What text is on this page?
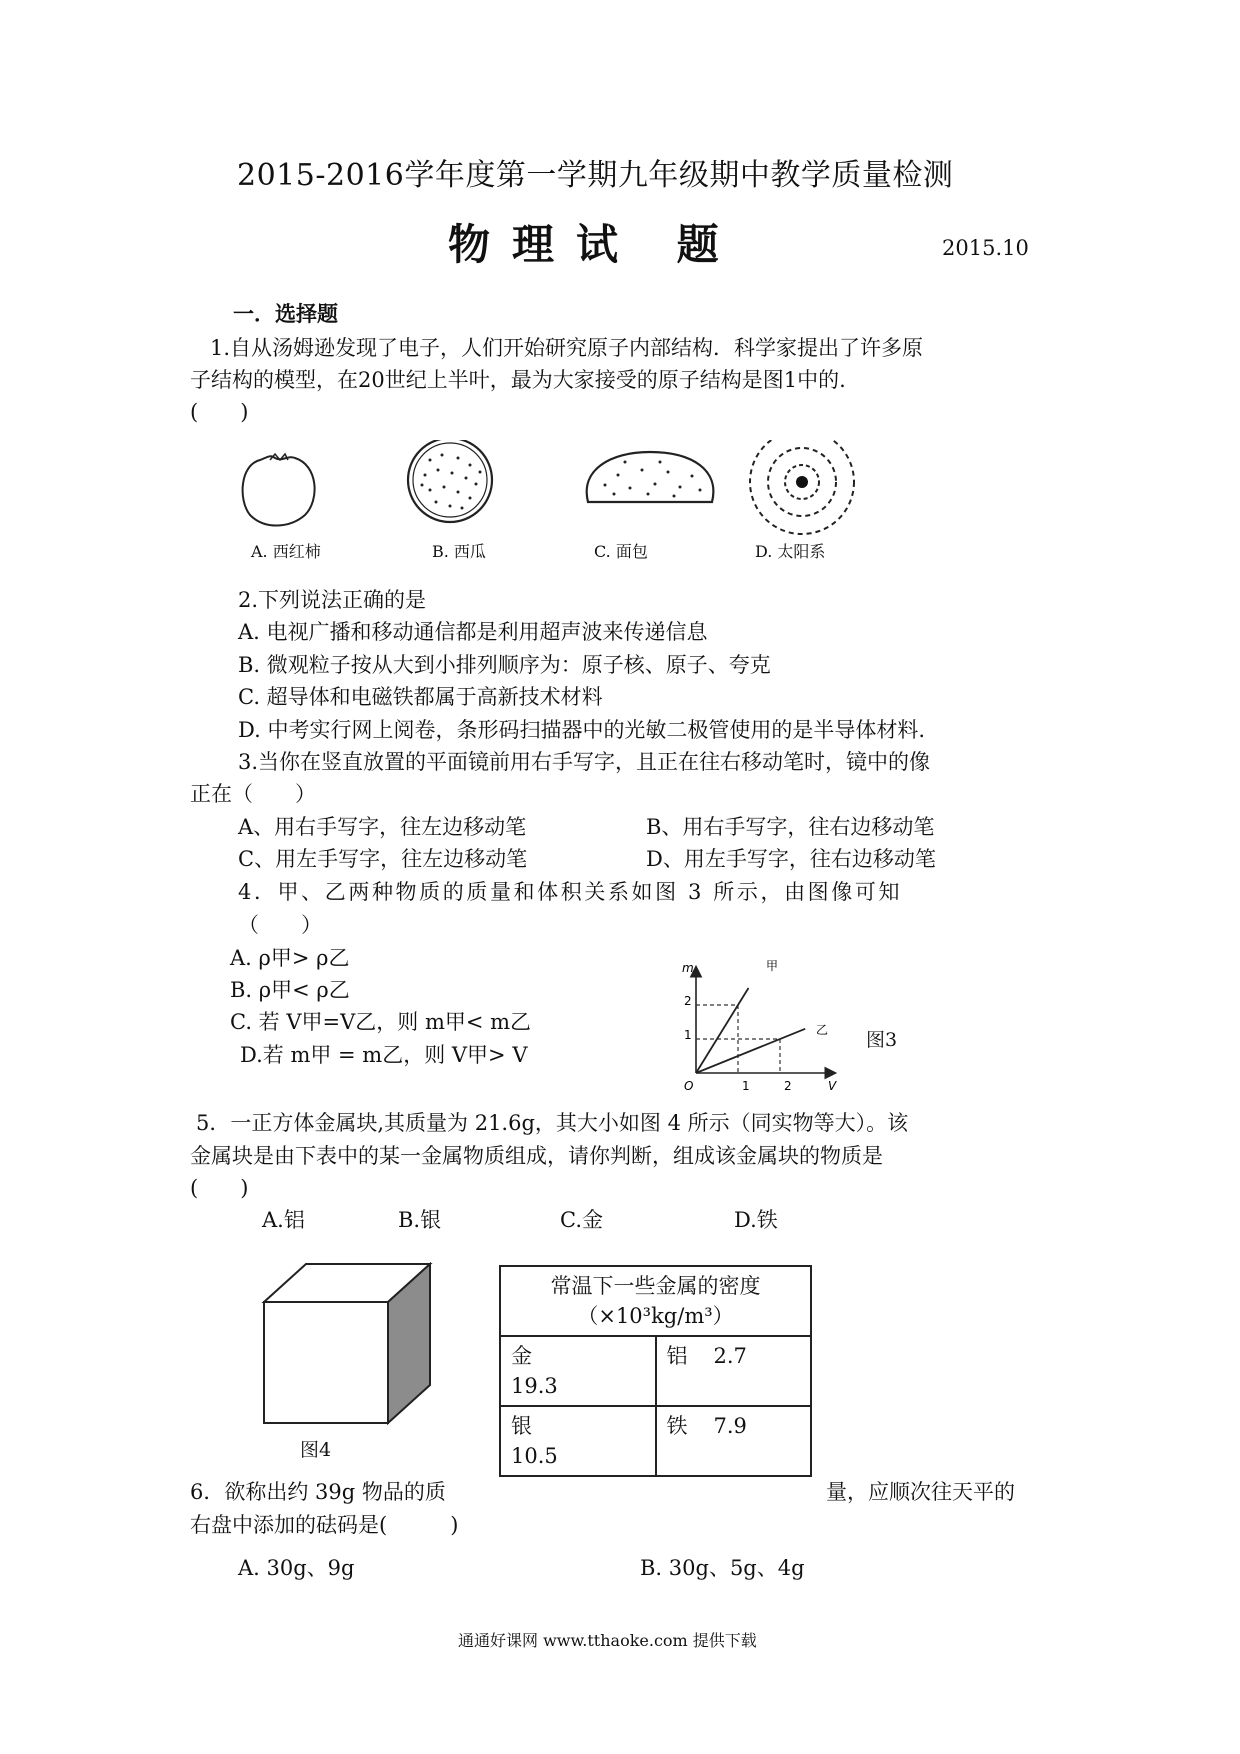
2015-2016学年度第一学期九年级期中教学质量检测
物理试 题	2015.10
一．选择题
1.自从汤姆逊发现了电子，人们开始研究原子内部结构．科学家提出了许多原
子结构的模型，在20世纪上半叶，最为大家接受的原子结构是图1中的.
(　　)
A. 西红柿	B. 西瓜	C. 面包	D. 太阳系
2.下列说法正确的是
A. 电视广播和移动通信都是利用超声波来传递信息
B. 微观粒子按从大到小排列顺序为：原子核、原子、夸克
C. 超导体和电磁铁都属于高新技术材料
D. 中考实行网上阅卷，条形码扫描器中的光敏二极管使用的是半导体材料.
3.当你在竖直放置的平面镜前用右手写字，且正在往右移动笔时，镜中的像
正在（　　）
A、用右手写字，往左边移动笔	B、用右手写字，往右边移动笔
C、用左手写字，往左边移动笔	D、用左手写字，往右边移动笔
4．甲、乙两种物质的质量和体积关系如图 3 所示，由图像可知
（　　）
A. ρ甲> ρ乙
B. ρ甲< ρ乙
C. 若 V甲=V乙，则 m甲< m乙
D.若 m甲 = m乙，则 V甲> V
m
V
O
1
2
1	2
甲
乙 图3
5．一正方体金属块,其质量为 21.6g，其大小如图 4 所示（同实物等大）。该
金属块是由下表中的某一金属物质组成，请你判断，组成该金属块的物质是
(　　)
A.铝	B.银	C.金	D.铁
图4
常温下一些金属的密度
（×10³kg/m³）	

金
19.3	铝 2.7

银
10.5	铁 7.9
6．欲称出约 39g 物品的质	量，应顺次往天平的
右盘中添加的砝码是(　　　)
A. 30g、9g	B. 30g、5g、4g
通通好课网 www.tthaoke.com 提供下载
